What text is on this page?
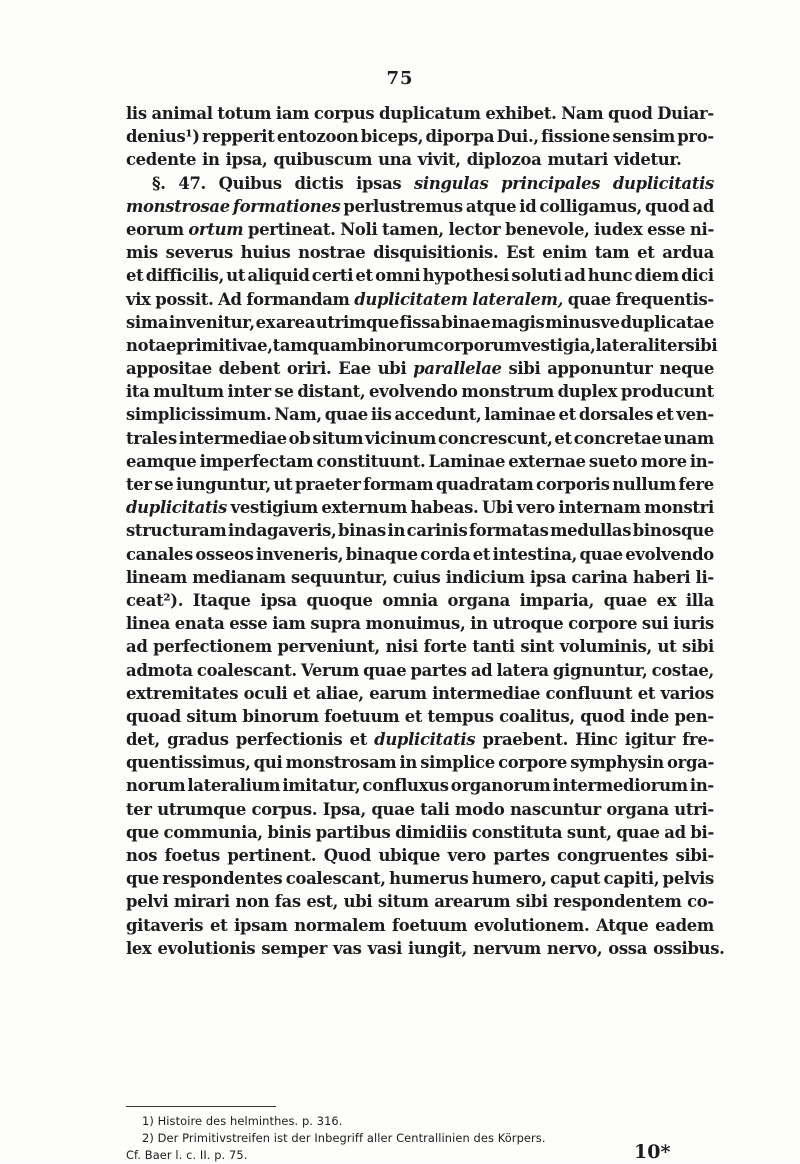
75
lis animal totum iam corpus duplicatum exhibet. Nam quod Duiar-
denius¹) repperit entozoon biceps, diporpa Dui., fissione sensim pro-
cedente in ipsa, quibuscum una vivit, diplozoa mutari videtur.
§. 47. Quibus dictis ipsas singulas principales duplicitatis
monstrosae formationes perlustremus atque id colligamus, quod ad
eorum ortum pertineat. Noli tamen, lector benevole, iudex esse ni-
mis severus huius nostrae disquisitionis. Est enim tam et ardua
et difficilis, ut aliquid certi et omni hypothesi soluti ad hunc diem dici
vix possit. Ad formandam duplicitatem lateralem, quae frequentis-
sima invenitur, ex area utrimque fissa binae magis minusve duplicatae
notae primitivae, tamquam binorum corporum vestigia, lateraliter sibi
appositae debent oriri. Eae ubi parallelae sibi apponuntur neque
ita multum inter se distant, evolvendo monstrum duplex producunt
simplicissimum. Nam, quae iis accedunt, laminae et dorsales et ven-
trales intermediae ob situm vicinum concrescunt, et concretae unam
eamque imperfectam constituunt. Laminae externae sueto more in-
ter se iunguntur, ut praeter formam quadratam corporis nullum fere
duplicitatis vestigium externum habeas. Ubi vero internam monstri
structuram indagaveris, binas in carinis formatas medullas binosque
canales osseos inveneris, binaque corda et intestina, quae evolvendo
lineam medianam sequuntur, cuius indicium ipsa carina haberi li-
ceat²). Itaque ipsa quoque omnia organa imparia, quae ex illa
linea enata esse iam supra monuimus, in utroque corpore sui iuris
ad perfectionem perveniunt, nisi forte tanti sint voluminis, ut sibi
admota coalescant. Verum quae partes ad latera gignuntur, costae,
extremitates oculi et aliae, earum intermediae confluunt et varios
quoad situm binorum foetuum et tempus coalitus, quod inde pen-
det, gradus perfectionis et duplicitatis praebent. Hinc igitur fre-
quentissimus, qui monstrosam in simplice corpore symphysin orga-
norum lateralium imitatur, confluxus organorum intermediorum in-
ter utrumque corpus. Ipsa, quae tali modo nascuntur organa utri-
que communia, binis partibus dimidiis constituta sunt, quae ad bi-
nos foetus pertinent. Quod ubique vero partes congruentes sibi-
que respondentes coalescant, humerus humero, caput capiti, pelvis
pelvi mirari non fas est, ubi situm arearum sibi respondentem co-
gitaveris et ipsam normalem foetuum evolutionem. Atque eadem
lex evolutionis semper vas vasi iungit, nervum nervo, ossa ossibus.
1) Histoire des helminthes. p. 316.
2) Der Primitivstreifen ist der Inbegriff aller Centrallinien des Körpers.
Cf. Baer l. c. II. p. 75.	10*
